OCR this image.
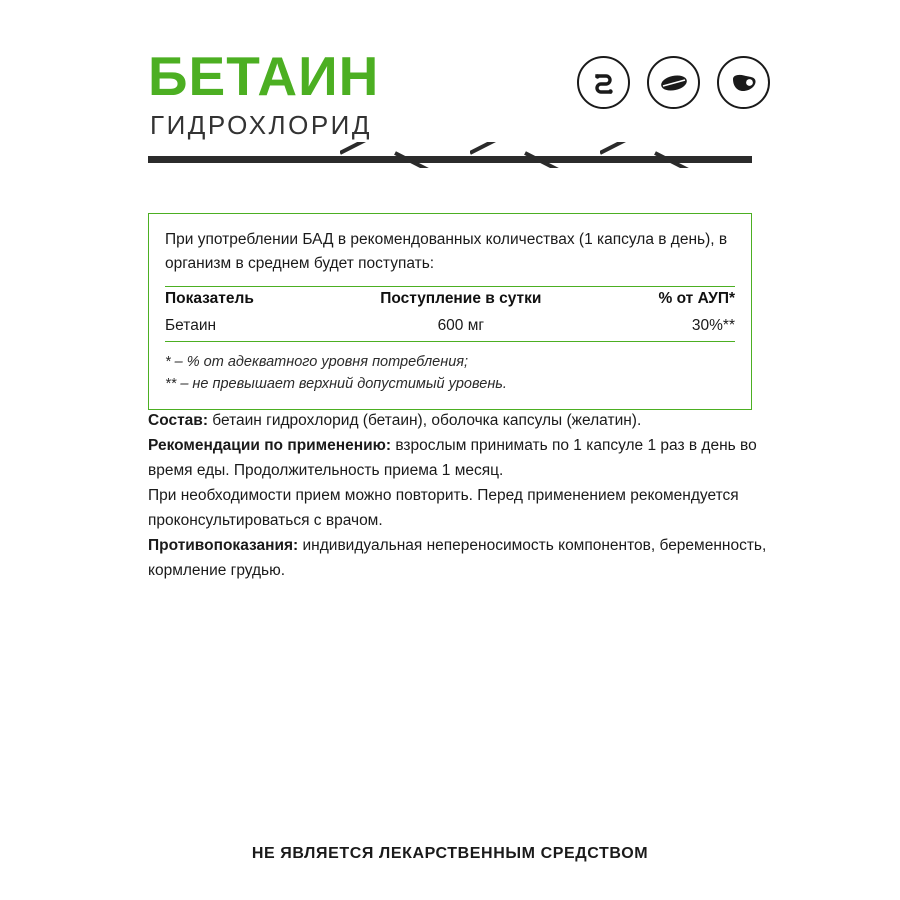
БЕТАИН
ГИДРОХЛОРИД

При употреблении БАД в рекомендованных количествах (1 капсула в день), в организм в среднем будет поступать:

Показатель	Поступление в сутки	% от АУП*
Бетаин	600 мг	30%**
* – % от адекватного уровня потребления;
** – не превышает верхний допустимый уровень.

Состав: бетаин гидрохлорид (бетаин), оболочка капсулы (желатин).

Рекомендации по применению: взрослым принимать по 1 капсуле 1 раз в день во время еды. Продолжительность приема 1 месяц.

При необходимости прием можно повторить. Перед применением рекомендуется проконсультироваться с врачом.

Противопоказания: индивидуальная непереносимость компонентов, беременность, кормление грудью.

НЕ ЯВЛЯЕТСЯ ЛЕКАРСТВЕННЫМ СРЕДСТВОМ
